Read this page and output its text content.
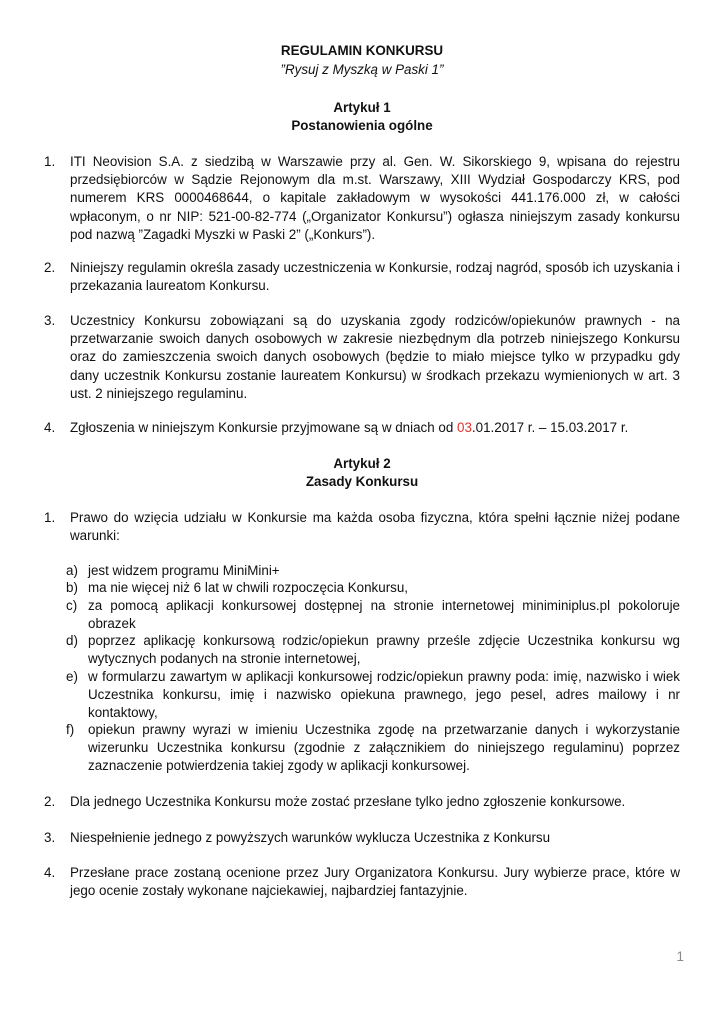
REGULAMIN KONKURSU
”Rysuj z Myszką w Paski 1”
Artykuł 1
Postanowienia ogólne
1. ITI Neovision S.A. z siedzibą w Warszawie przy al. Gen. W. Sikorskiego 9, wpisana do rejestru przedsiębiorców w Sądzie Rejonowym dla m.st. Warszawy, XIII Wydział Gospodarczy KRS, pod numerem KRS 0000468644, o kapitale zakładowym w wysokości 441.176.000 zł, w całości wpłaconym, o nr NIP: 521-00-82-774 („Organizator Konkursu”) ogłasza niniejszym zasady konkursu pod nazwą ”Zagadki Myszki w Paski 2” („Konkurs”).
2. Niniejszy regulamin określa zasady uczestniczenia w Konkursie, rodzaj nagród, sposób ich uzyskania i przekazania laureatom Konkursu.
3. Uczestnicy Konkursu zobowiązani są do uzyskania zgody rodziców/opiekunów prawnych - na przetwarzanie swoich danych osobowych w zakresie niezbędnym dla potrzeb niniejszego Konkursu oraz do zamieszczenia swoich danych osobowych (będzie to miało miejsce tylko w przypadku gdy dany uczestnik Konkursu zostanie laureatem Konkursu) w środkach przekazu wymienionych w art. 3 ust. 2 niniejszego regulaminu.
4. Zgłoszenia w niniejszym Konkursie przyjmowane są w dniach od 03.01.2017 r. – 15.03.2017 r.
Artykuł 2
Zasady Konkursu
1. Prawo do wzięcia udziału w Konkursie ma każda osoba fizyczna, która spełni łącznie niżej podane warunki:
a) jest widzem programu MiniMini+
b) ma nie więcej niż 6 lat w chwili rozpoczęcia Konkursu,
c) za pomocą aplikacji konkursowej dostępnej na stronie internetowej miniminiplus.pl pokoloruje obrazek
d) poprzez aplikację konkursową rodzic/opiekun prawny prześle zdjęcie Uczestnika konkursu wg wytycznych podanych na stronie internetowej,
e) w formularzu zawartym w aplikacji konkursowej rodzic/opiekun prawny poda: imię, nazwisko i wiek Uczestnika konkursu, imię i nazwisko opiekuna prawnego, jego pesel, adres mailowy i nr kontaktowy,
f) opiekun prawny wyrazi w imieniu Uczestnika zgodę na przetwarzanie danych i wykorzystanie wizerunku Uczestnika konkursu (zgodnie z załącznikiem do niniejszego regulaminu) poprzez zaznaczenie potwierdzenia takiej zgody w aplikacji konkursowej.
2. Dla jednego Uczestnika Konkursu może zostać przesłane tylko jedno zgłoszenie konkursowe.
3. Niespełnienie jednego z powyższych warunków wyklucza Uczestnika z Konkursu
4. Przesłane prace zostaną ocenione przez Jury Organizatora Konkursu. Jury wybierze prace, które w jego ocenie zostały wykonane najciekawiej, najbardziej fantazyjnie.
1
